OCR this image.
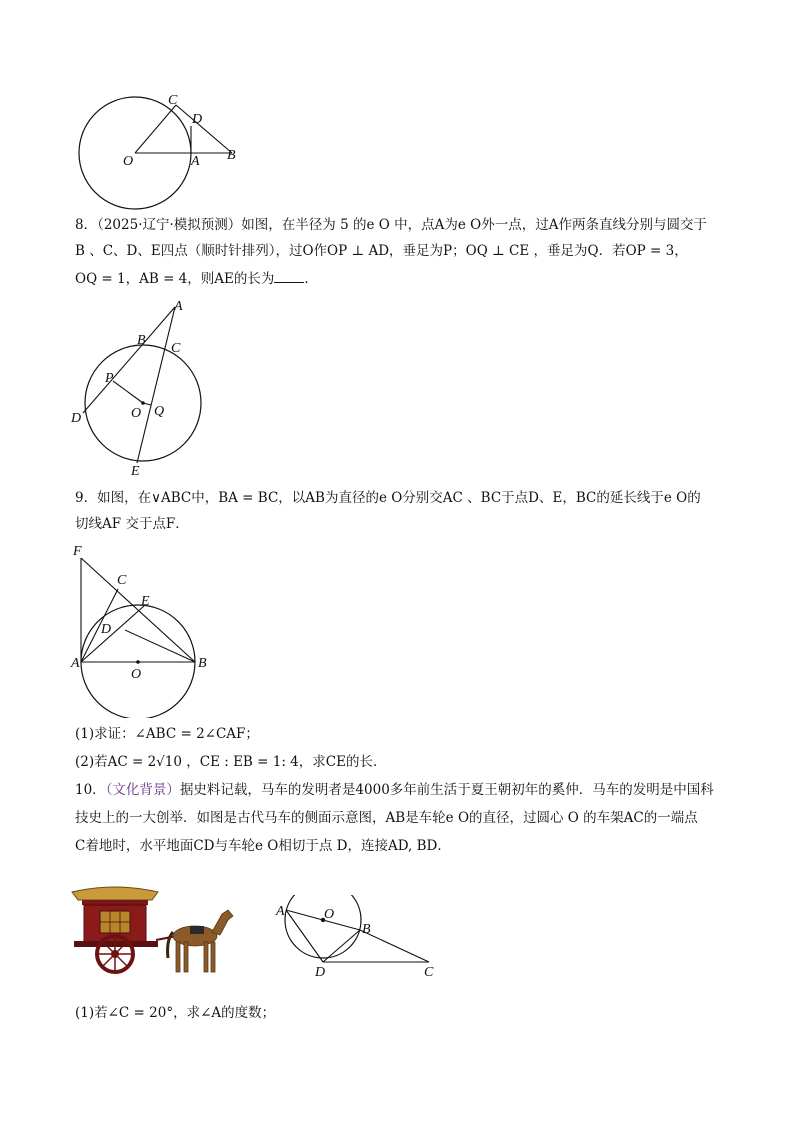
C
D
O	A B
8．（2025·辽宁·模拟预测）如图，在半径为 5 的e O 中，点A为e O外一点，过A作两条直线分别与圆交于
B 、C、D、E四点（顺时针排列），过O作OP ⊥ AD，垂足为P；OQ ⊥ CE ，垂足为Q．若OP = 3，
OQ = 1，AB = 4，则AE的长为 ．
A
B
C
P
O Q
D
E
9．如图，在∨ABC中，BA = BC，以AB为直径的e O分别交AC 、BC于点D、E，BC的延长线于e O的
切线AF 交于点F．
F
C
E
D
A
O
B
(1)求证：∠ABC = 2∠CAF；
(2)若AC = 2√10 ，CE : EB = 1: 4，求CE的长．
10．（文化背景）据史料记载，马车的发明者是4000多年前生活于夏王朝初年的奚仲．马车的发明是中国科
技史上的一大创举．如图是古代马车的侧面示意图，AB是车轮e O的直径，过圆心 O 的车架AC的一端点
C着地时，水平地面CD与车轮e O相切于点 D，连接AD, BD．
A	O
B
D	C
(1)若∠C = 20°，求∠A的度数；
